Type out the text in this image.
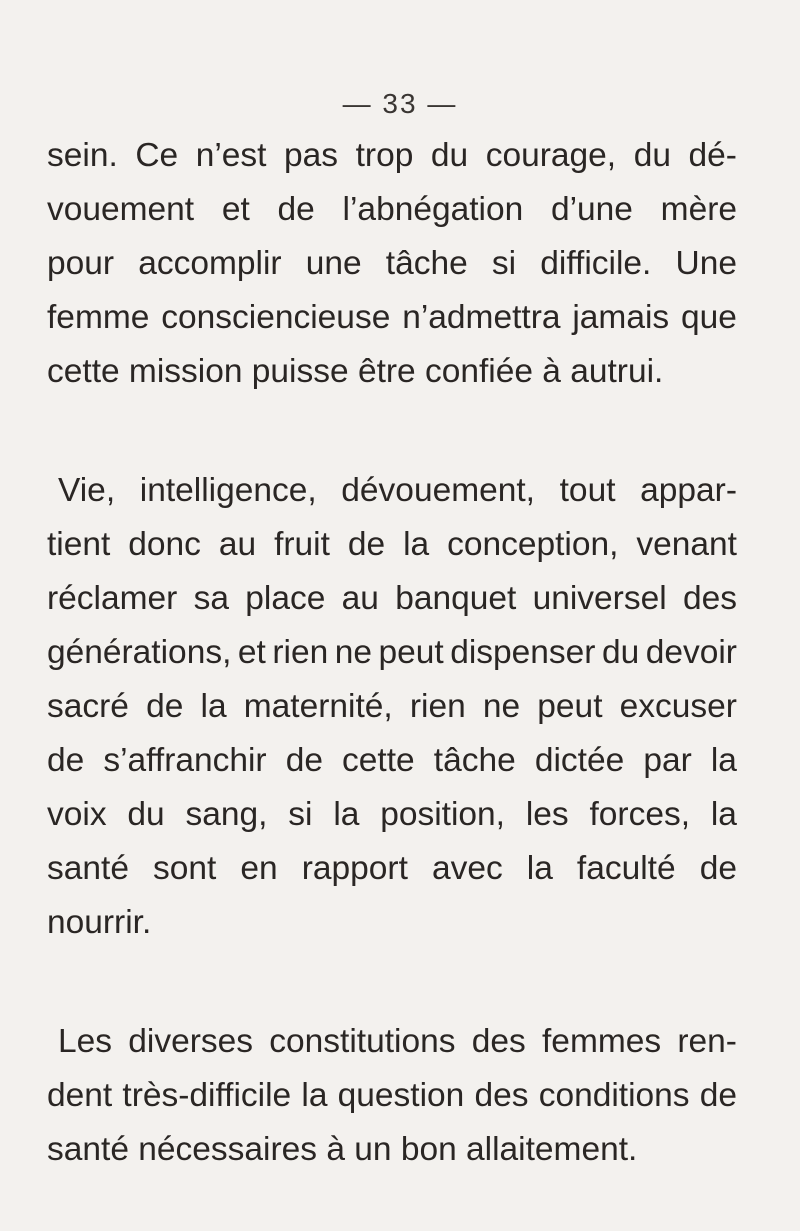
— 33 —
sein. Ce n’est pas trop du courage, du dé-
vouement et de l’abnégation d’une mère
pour accomplir une tâche si difficile. Une
femme consciencieuse n’admettra jamais que
cette mission puisse être confiée à autrui.
Vie, intelligence, dévouement, tout appar-
tient donc au fruit de la conception, venant
réclamer sa place au banquet universel des
générations, et rien ne peut dispenser du devoir
sacré de la maternité, rien ne peut excuser
de s’affranchir de cette tâche dictée par la
voix du sang, si la position, les forces, la
santé sont en rapport avec la faculté de
nourrir.
Les diverses constitutions des femmes ren-
dent très-difficile la question des conditions de
santé nécessaires à un bon allaitement.
